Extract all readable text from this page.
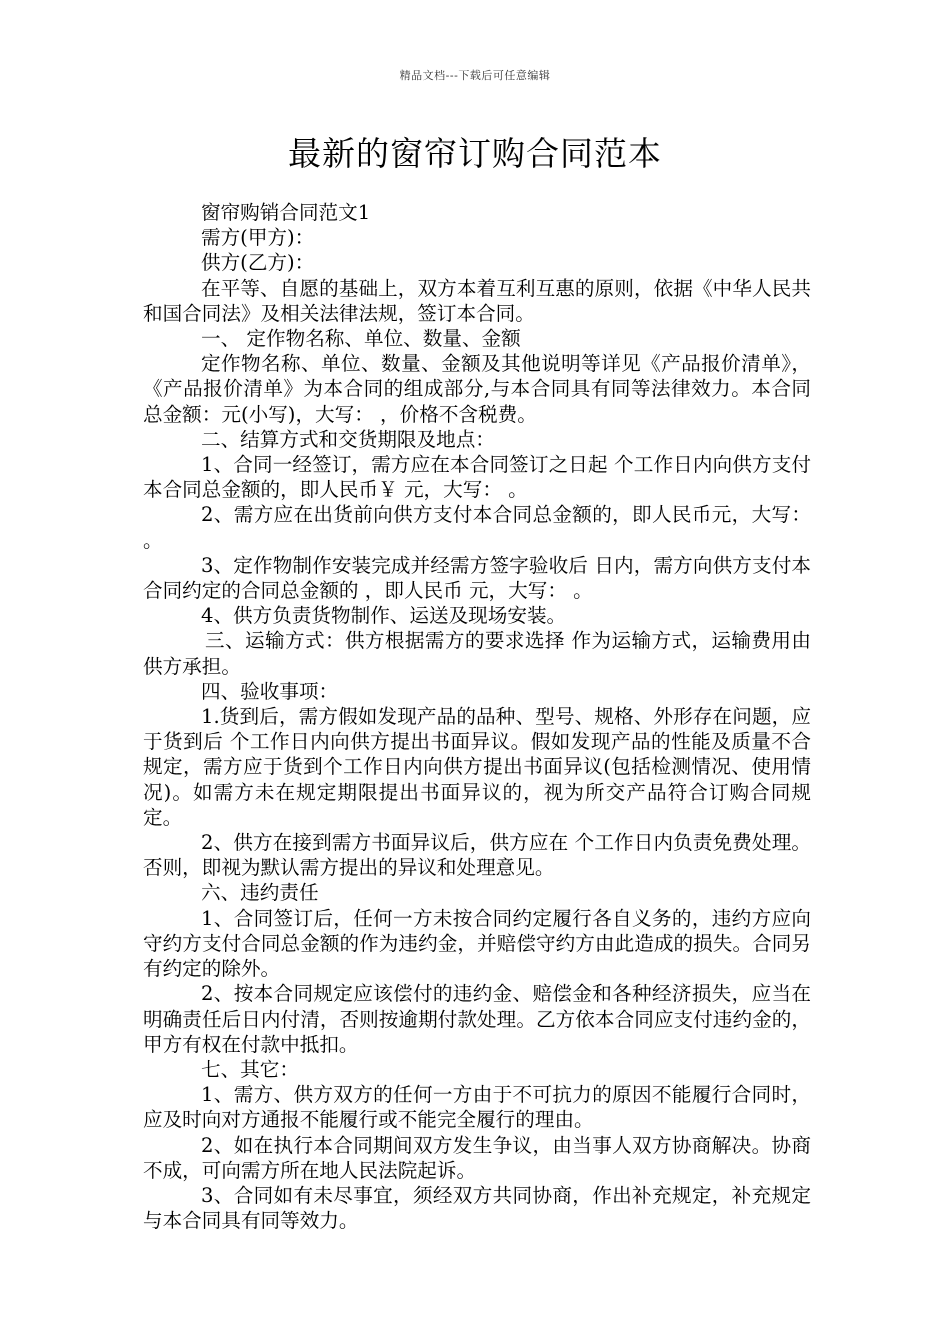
精品文档---下载后可任意编辑
最新的窗帘订购合同范本

窗帘购销合同范文1

需方(甲方)：

供方(乙方)：

在平等、自愿的基础上，双方本着互利互惠的原则，依据《中华人民共和国合同法》及相关法律法规，签订本合同。

一、 定作物名称、单位、数量、金额

定作物名称、单位、数量、金额及其他说明等详见《产品报价清单》，《产品报价清单》为本合同的组成部分,与本合同具有同等法律效力。本合同总金额：元(小写)，大写： ，价格不含税费。

二、结算方式和交货期限及地点：

1、合同一经签订，需方应在本合同签订之日起 个工作日内向供方支付本合同总金额的，即人民币￥ 元，大写： 。

2、需方应在出货前向供方支付本合同总金额的，即人民币元，大写： 。

3、定作物制作安装完成并经需方签字验收后 日内，需方向供方支付本合同约定的合同总金额的 ，即人民币 元，大写： 。

4、供方负责货物制作、运送及现场安装。

三、运输方式：供方根据需方的要求选择 作为运输方式，运输费用由供方承担。

四、验收事项：

1.货到后，需方假如发现产品的品种、型号、规格、外形存在问题，应于货到后 个工作日内向供方提出书面异议。假如发现产品的性能及质量不合规定，需方应于货到个工作日内向供方提出书面异议(包括检测情况、使用情况)。如需方未在规定期限提出书面异议的，视为所交产品符合订购合同规定。

2、供方在接到需方书面异议后，供方应在 个工作日内负责免费处理。否则，即视为默认需方提出的异议和处理意见。

六、违约责任

1、合同签订后，任何一方未按合同约定履行各自义务的，违约方应向守约方支付合同总金额的作为违约金，并赔偿守约方由此造成的损失。合同另有约定的除外。

2、按本合同规定应该偿付的违约金、赔偿金和各种经济损失，应当在明确责任后日内付清，否则按逾期付款处理。乙方依本合同应支付违约金的，甲方有权在付款中抵扣。

七、其它：

1、需方、供方双方的任何一方由于不可抗力的原因不能履行合同时，应及时向对方通报不能履行或不能完全履行的理由。

2、如在执行本合同期间双方发生争议，由当事人双方协商解决。协商不成，可向需方所在地人民法院起诉。

3、合同如有未尽事宜，须经双方共同协商，作出补充规定，补充规定与本合同具有同等效力。
